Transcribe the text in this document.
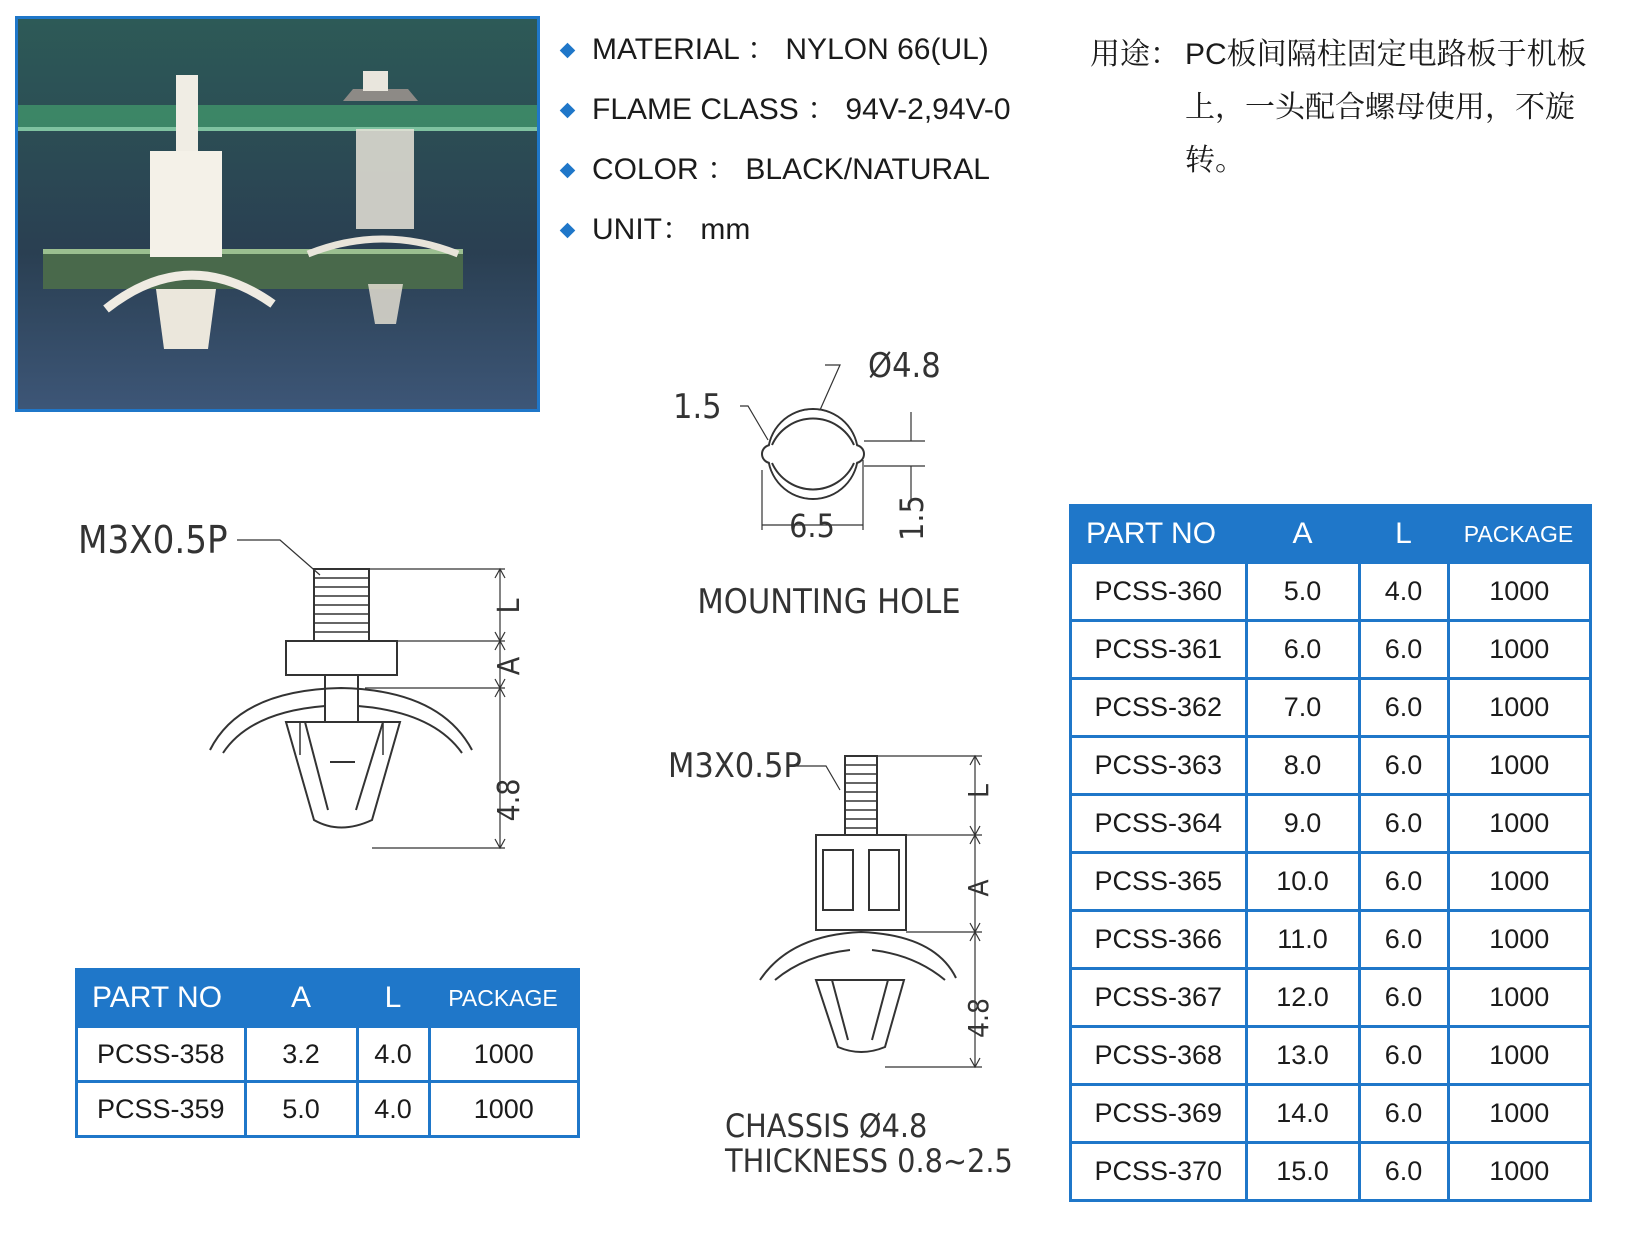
MATERIAL ： NYLON 66(UL)
FLAME CLASS ： 94V-2,94V-0
COLOR ： BLACK/NATURAL
UNIT： mm
用途： PC板间隔柱固定电路板于机板上，一头配合螺母使用，不旋转。
M3X0.5P
L
A
4.8
Ø4.8
1.5
6.5 1.5
MOUNTING HOLE
M3X0.5P
L
A
4.8
CHASSIS Ø4.8
THICKNESS 0.8~2.5
PART NO	A	L	PACKAGE
PCSS-358	3.2	4.0	1000
PCSS-359	5.0	4.0	1000
PART NO	A	L	PACKAGE
PCSS-360	5.0	4.0	1000
PCSS-361	6.0	6.0	1000
PCSS-362	7.0	6.0	1000
PCSS-363	8.0	6.0	1000
PCSS-364	9.0	6.0	1000
PCSS-365	10.0	6.0	1000
PCSS-366	11.0	6.0	1000
PCSS-367	12.0	6.0	1000
PCSS-368	13.0	6.0	1000
PCSS-369	14.0	6.0	1000
PCSS-370	15.0	6.0	1000
